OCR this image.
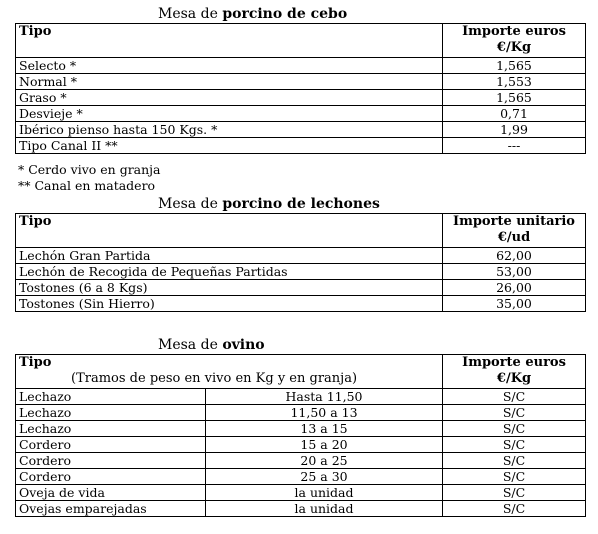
Mesa de porcino de cebo
Tipo	Importe euros
€/Kg
Selecto *	1,565
Normal *	1,553
Graso *	1,565
Desvieje *	0,71
Ibérico pienso hasta 150 Kgs. *	1,99
Tipo Canal II **	---
* Cerdo vivo en granja
** Canal en matadero
Mesa de porcino de lechones
Tipo	Importe unitario
€/ud
Lechón Gran Partida	62,00
Lechón de Recogida de Pequeñas Partidas	53,00
Tostones (6 a 8 Kgs)	26,00
Tostones (Sin Hierro)	35,00
Mesa de ovino
Tipo
(Tramos de peso en vivo en Kg y en granja)		Importe euros
€/Kg
Lechazo	Hasta 11,50	S/C
Lechazo	11,50 a 13	S/C
Lechazo	13 a 15	S/C
Cordero	15 a 20	S/C
Cordero	20 a 25	S/C
Cordero	25 a 30	S/C
Oveja de vida	la unidad	S/C
Ovejas emparejadas	la unidad	S/C
